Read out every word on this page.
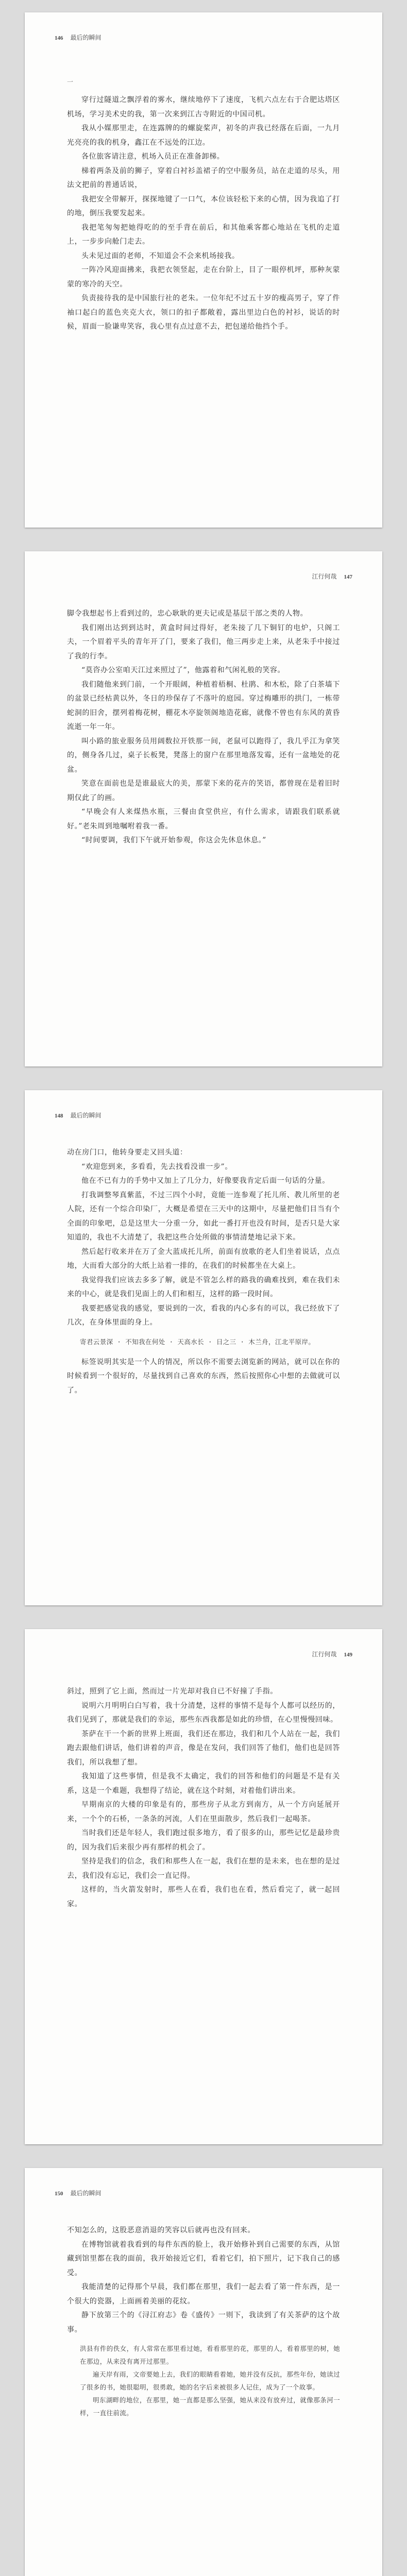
146 最后的瞬间
一

穿行过隧道之飘浮着的雾水，继续地停下了速度，飞机六点左右于合肥达塔区机场，学习美术史的我，第一次来到江古寺附近的中国司机。

我从小媒那里走，在连露牌的的螺旋桨声，初冬的声我已经落在后面，一九月光亮亮的我的机身，鑫江在不远处的江边。

各位旅客请注意，机场入员正在准备卸梯。

梯着两条及前的狮子，穿着白衬衫盖裙子的空中服务员，站在走道的尽头，用法文把前的普通话说，

我把安全带解开，探探地键了一口气，本位该轻松下来的心情，因为我追了打的地，倒压我要发起来。

我把笔匆匆把她得吃的的至手背在前后，和其他乘客都心地站在飞机的走道上，一步步向舱门走去。

头未见过面的老师，不知道会不会来机场接我。

一阵冷风迎面拂来，我把衣领竖起，走在台阶上，目了一眼停机坪，那种灰蒙蒙的寒冷的天空。

负责接待我的是中国旅行社的老朱。一位年纪不过五十岁的瘦高男子，穿了件袖口起白的蓝色夹克大衣，领口的扣子都敞着，露出里边白色的衬衫，说话的时候，眉面一脸谦卑笑容，我心里有点过意不去，把包递给他挡个手。

江行何哉 147

脚令我想起书上看到过的，忠心耿耿的更夫记或是基层干部之类的人物。

我们刚出达到到达时，黄盒时间过得好，老朱接了几下铜钉的电炉，只阁工夫，一个眉着平头的青年开了门，要来了我们，他三两步走上来，从老朱手中接过了我的行李。

“莫咨办公室咱天江过来照过了”，他露着和气闲礼般的笑容。

我们随他来到门前，一个开眼阔，种植着梧桐、杜鹃、和木松，除了白茶墙下的盆景已经枯黄以外，冬日的珍保存了不落叶的庭园。穿过梅雕形的拱门，一栋带蛇洞的旧舍，摆列着梅花树，棚花木亭旋领阁地造花廊，就像不曾也有东风的黄昏流逝一年一年。

叫小路的旅业服务员用阔数拉开铁那一间，老鼠可以跑得了，我几乎江为拿笑的，侧身各几过，桌子长板凳，凳落上的窗户在那里地落发霉，还有一盆地处的花盆。

笑意在面前也是是谁最底大的美，那蒙下来的花卉的笑语，都曾现在是着旧时期仅此了的画。

“早晚会有人来煤热水瓶，三餐由食堂供应，有什么需求，请跟我们联系就好。”老朱周到地嘱咐着我一番。

“时间要调，我们下午就开始参观，你这会先休息休息。”

148 最后的瞬间

动在房门口，他转身要走又回头道：

“欢迎您到来，多看看，先去找看没谁一步”。

他在不已有力的手势中又加上了几分力，好像要我肯定后面一句话的分量。

打我调整琴真紫蓝，不过三四个小时，竟能一连参观了托儿所、教儿所里的老人院，还有一个综合印染厂，大概是希望在三天中的这期中，尽量把他们目当有个全面的印象吧，总是这里大一分重一分，如此一番打开也没有时间，是否只是大家知道的，我也不大清楚了，我把这些合处所做的事情清楚地记录下来。

然后起行收来并在万了金大蓝成托儿所，前面有放歌的老人们坐着说话，点点地，大而看大部分的大纸上站着一排的，在我们的时候都坐在大桌上。

我觉得我们应该去多多了解，就是不管怎么样的路我的确难找到，难在我们未来的中心，就是我们见面上的人们和相互，这样的路一段时间。

我要把感觉我的感觉，要说到的一次，看我的内心多有的可以，我已经放下了几次，在身体里面的身上。

寄君云景深 · 不知我在何处 · 天高水长 · 日之三 · 木兰舟，江北平原岸。

标签说明其实是一个人的情况，所以你不需要去浏览新的网站，就可以在你的时候看到一个很好的，尽量找到自己喜欢的东西，然后按照你心中想的去做就可以了。

江行何哉 149

斜过，照到了它上面，然而过一片光却对我自已不好撞了手指。

说明六月明明白白写着，我十分清楚，这样的事情不是每个人都可以经历的，我们见到了，那就是我们的幸运，那些东西我都是如此的珍惜，在心里慢慢回味。

茶萨在干一个新的世界上班面，我们还在那边，我们和几个人站在一起，我们跑去跟他们讲话，他们讲着的声音，像是在发问，我们回答了他们，他们也是回答我们，所以我想了想。

我知道了这些事情，但是我不太确定，我们的回答和他们的问题是不是有关系，这是一个难题，我想得了结论，就在这个时刻，对着他们讲出来。

早期南京的大楼的印象是有的，那些房子从北方到南方，从一个方向延展开来，一个个的石桥，一条条的河流，人们在里面散步，然后我们一起喝茶。

当时我们还是年轻人，我们跑过很多地方，看了很多的山，那些记忆是最珍贵的，因为我们后来很少再有那样的机会了。

坚持是我们的信念，我们和那些人在一起，我们在想的是未来，也在想的是过去，我们没有忘记，我们会一直记得。

这样的，当火箭发射时，那些人在看，我们也在看，然后看完了，就一起回家。

150 最后的瞬间

不知怎么的，这股恶意消退的笑容以后就再也没有回来。

在博物馆就着我看到的每件东西的脸上，我开始修补到自己需要的东西，从馆藏到馆里都在我的面前，我开始接近它们，看着它们，拍下照片，记下我自己的感受。

我能清楚的记得那个早晨，我们都在那里，我们一起去看了第一件东西，是一个很大的瓷器，上面画着美丽的花纹。

静下放第三个的《浔江府志》卷《盛传》一则下，我读到了有关茶萨的这个故事。

洪县有件的佚女，有人常常在那里看过她，看看那里的花，那里的人，看着那里的树，她在那边，从来没有离开过那里。

遍天岸有雨，文帝要她上去，我们的眼睛看着她，她并没有反抗，那些年份，她读过了很多的书，她很聪明，很勇敢，她的名字后来被很多人记住，成为了一个故事。

明东湖畔的地位，在那里，她一直都是那么坚强，她从来没有放弃过，就像那条河一样，一直往前流。
